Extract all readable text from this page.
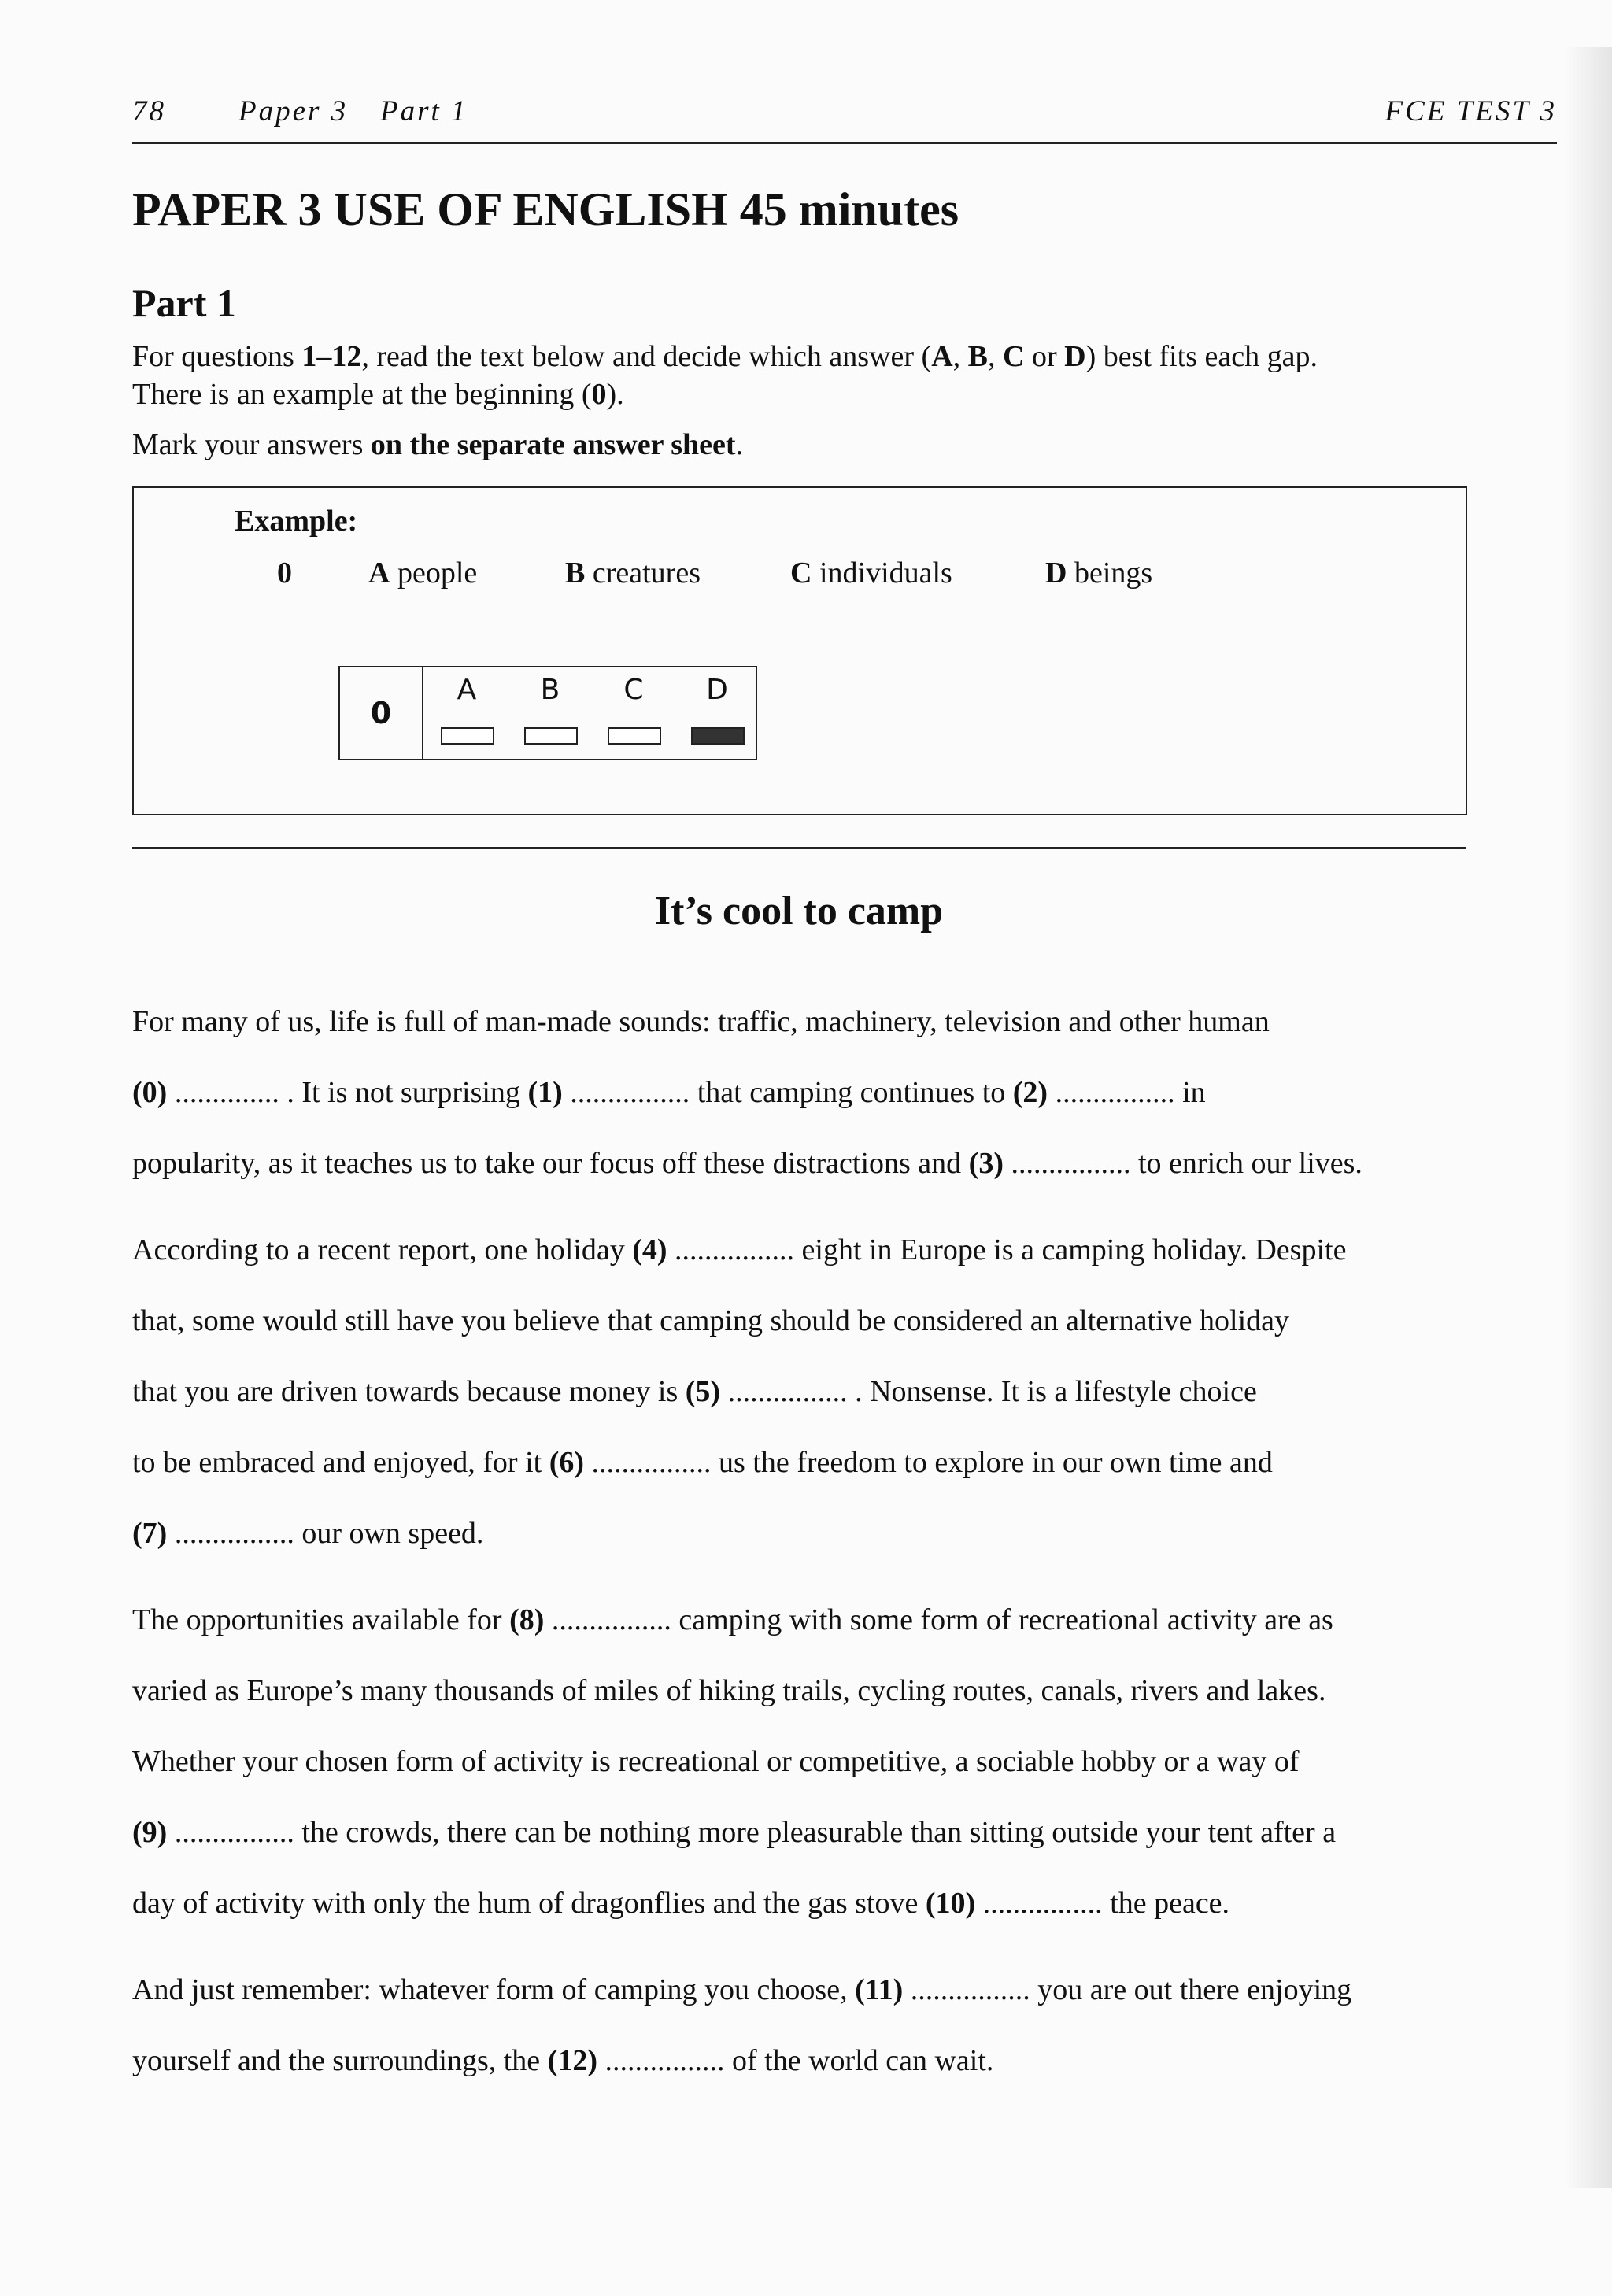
78 Paper 3 Part 1	FCE TEST 3
PAPER 3 USE OF ENGLISH 45 minutes
Part 1
For questions 1–12, read the text below and decide which answer (A, B, C or D) best fits each gap.
There is an example at the beginning (0).
Mark your answers on the separate answer sheet.
Example:
0	A people	B creatures	C individuals	D beings
0
A	B	C	D
It’s cool to camp
For many of us, life is full of man-made sounds: traffic, machinery, television and other human
(0) .............. . It is not surprising (1) ................ that camping continues to (2) ................ in
popularity, as it teaches us to take our focus off these distractions and (3) ................ to enrich our lives.
According to a recent report, one holiday (4) ................ eight in Europe is a camping holiday. Despite
that, some would still have you believe that camping should be considered an alternative holiday
that you are driven towards because money is (5) ................ . Nonsense. It is a lifestyle choice
to be embraced and enjoyed, for it (6) ................ us the freedom to explore in our own time and
(7) ................ our own speed.
The opportunities available for (8) ................ camping with some form of recreational activity are as
varied as Europe’s many thousands of miles of hiking trails, cycling routes, canals, rivers and lakes.
Whether your chosen form of activity is recreational or competitive, a sociable hobby or a way of
(9) ................ the crowds, there can be nothing more pleasurable than sitting outside your tent after a
day of activity with only the hum of dragonflies and the gas stove (10) ................ the peace.
And just remember: whatever form of camping you choose, (11) ................ you are out there enjoying
yourself and the surroundings, the (12) ................ of the world can wait.
